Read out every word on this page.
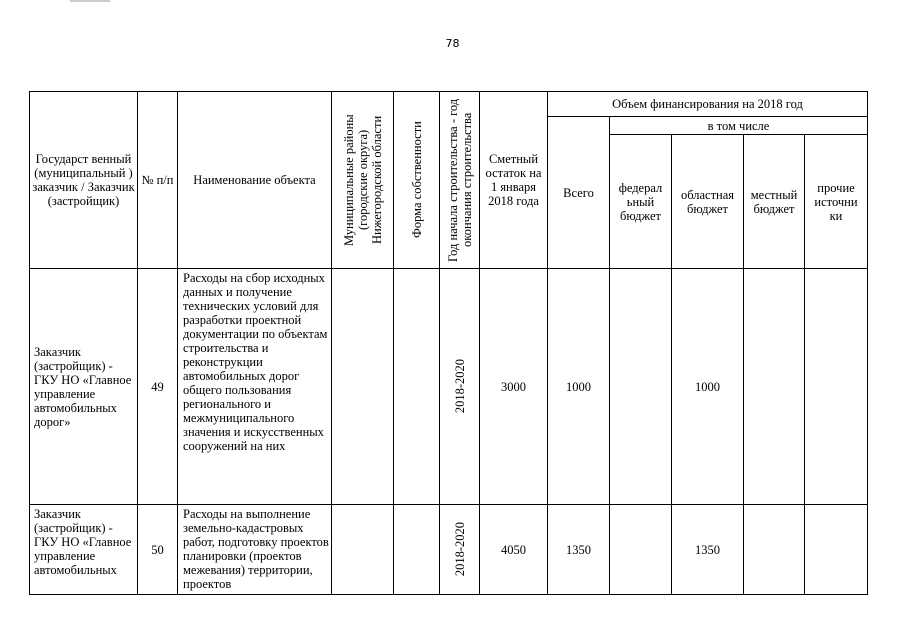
78
Государст венный (муниципальный ) заказчик / Заказчик (застройщик)	№ п/п	Наименование объекта	Муниципальные районы (городские округа) Нижегородской области	Форма собственности	Год начала строительства - год окончания строительства	Сметный остаток на 1 января 2018 года	Объем финансирования на 2018 год				
							Всего	в том числе			
								федерал ьный бюджет	областная бюджет	местный бюджет	прочие источни ки
Заказчик (застройщик) - ГКУ НО «Главное управление автомобильных дорог»	49	Расходы на сбор исходных данных и получение технических условий для разработки проектной документации по объектам строительства и реконструкции автомобильных дорог общего пользования регионального и межмуниципального значения и искусственных сооружений на них			2018-2020	3000	1000		1000		
Заказчик (застройщик) - ГКУ НО «Главное управление автомобильных	50	Расходы на выполнение земельно-кадастровых работ, подготовку проектов планировки (проектов межевания) территории, проектов			2018-2020	4050	1350		1350		
